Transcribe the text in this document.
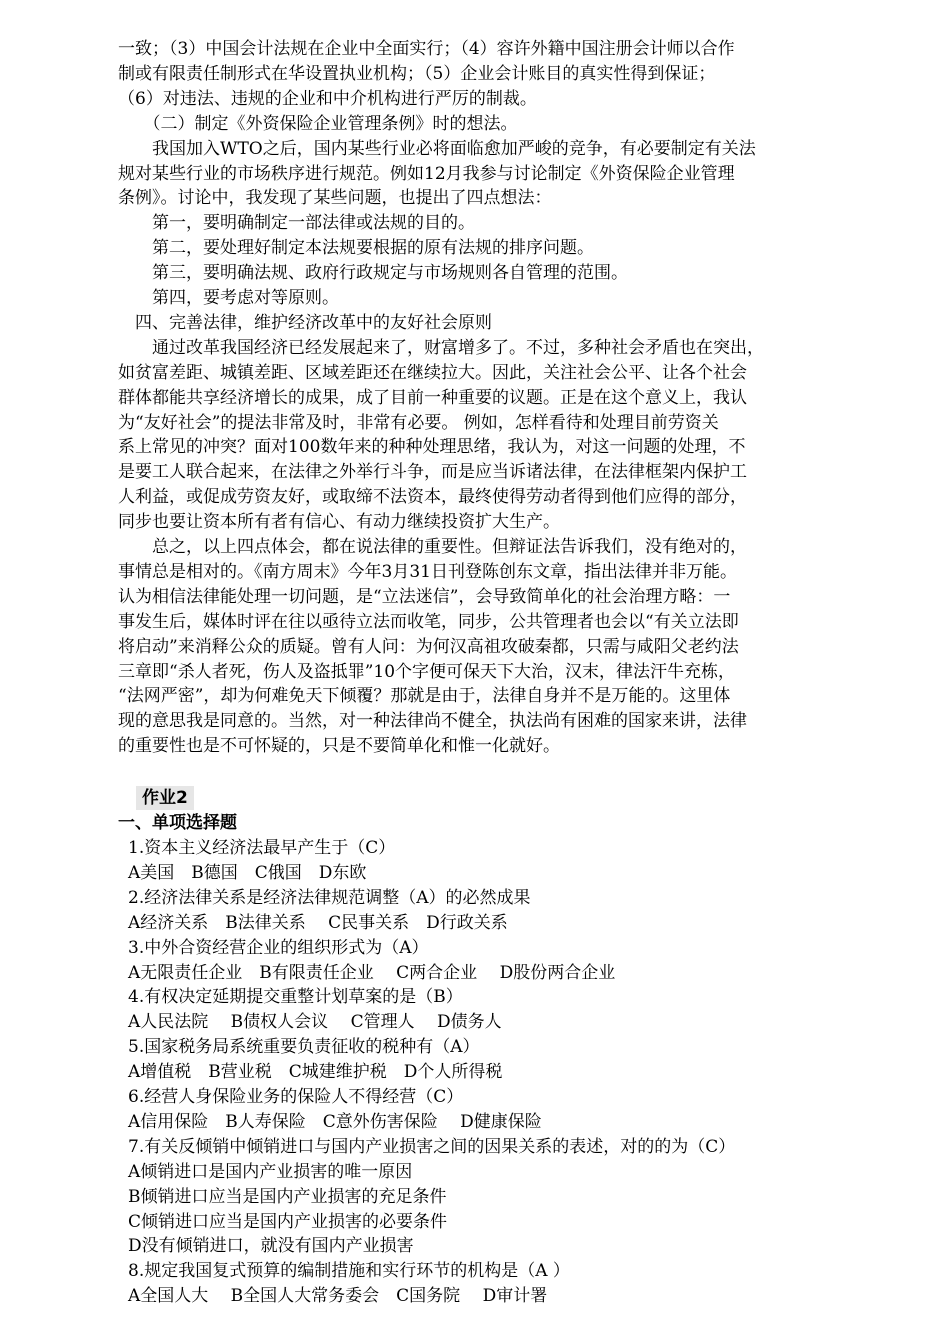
一致；（3）中国会计法规在企业中全面实行；（4）容许外籍中国注册会计师以合作
制或有限责任制形式在华设置执业机构；（5）企业会计账目的真实性得到保证；
（6）对违法、违规的企业和中介机构进行严厉的制裁。
　　（二）制定《外资保险企业管理条例》时的想法。
　　我国加入WTO之后，国内某些行业必将面临愈加严峻的竞争，有必要制定有关法
规对某些行业的市场秩序进行规范。例如12月我参与讨论制定《外资保险企业管理
条例》。讨论中，我发现了某些问题，也提出了四点想法：
　　第一，要明确制定一部法律或法规的目的。
　　第二，要处理好制定本法规要根据的原有法规的排序问题。
　　第三，要明确法规、政府行政规定与市场规则各自管理的范围。
　　第四，要考虑对等原则。
　四、完善法律，维护经济改革中的友好社会原则
　　通过改革我国经济已经发展起来了，财富增多了。不过，多种社会矛盾也在突出，
如贫富差距、城镇差距、区域差距还在继续拉大。因此，关注社会公平、让各个社会
群体都能共享经济增长的成果，成了目前一种重要的议题。正是在这个意义上，我认
为“友好社会”的提法非常及时，非常有必要。 例如，怎样看待和处理目前劳资关
系上常见的冲突？面对100数年来的种种处理思绪，我认为，对这一问题的处理，不
是要工人联合起来，在法律之外举行斗争，而是应当诉诸法律，在法律框架内保护工
人利益，或促成劳资友好，或取缔不法资本，最终使得劳动者得到他们应得的部分，
同步也要让资本所有者有信心、有动力继续投资扩大生产。
　　总之，以上四点体会，都在说法律的重要性。但辩证法告诉我们，没有绝对的，
事情总是相对的。《南方周末》今年3月31日刊登陈创东文章，指出法律并非万能。
认为相信法律能处理一切问题，是“立法迷信”，会导致简单化的社会治理方略：一
事发生后，媒体时评在往以亟待立法而收笔，同步，公共管理者也会以“有关立法即
将启动”来消释公众的质疑。曾有人问：为何汉高祖攻破秦都，只需与咸阳父老约法
三章即“杀人者死，伤人及盗抵罪”10个字便可保天下大治，汉末，律法汗牛充栋，
“法网严密”，却为何难免天下倾覆？那就是由于，法律自身并不是万能的。这里体
现的意思我是同意的。当然，对一种法律尚不健全，执法尚有困难的国家来讲，法律
的重要性也是不可怀疑的，只是不要简单化和惟一化就好。
作业2
一、单项选择题
1.资本主义经济法最早产生于（C）
A美国　B德国　C俄国　D东欧
2.经济法律关系是经济法律规范调整（A）的必然成果
A经济关系　B法律关系　 C民事关系　D行政关系
3.中外合资经营企业的组织形式为（A）
A无限责任企业　B有限责任企业　 C两合企业　 D股份两合企业
4.有权决定延期提交重整计划草案的是（B）
A人民法院　 B债权人会议　 C管理人　 D债务人
5.国家税务局系统重要负责征收的税种有（A）
A增值税　B营业税　C城建维护税　D个人所得税
6.经营人身保险业务的保险人不得经营（C）
A信用保险　B人寿保险　C意外伤害保险　 D健康保险
7.有关反倾销中倾销进口与国内产业损害之间的因果关系的表述，对的的为（C）
A倾销进口是国内产业损害的唯一原因
B倾销进口应当是国内产业损害的充足条件
C倾销进口应当是国内产业损害的必要条件
D没有倾销进口，就没有国内产业损害
8.规定我国复式预算的编制措施和实行环节的机构是（A ）
A全国人大　 B全国人大常务委会　C国务院　 D审计署
